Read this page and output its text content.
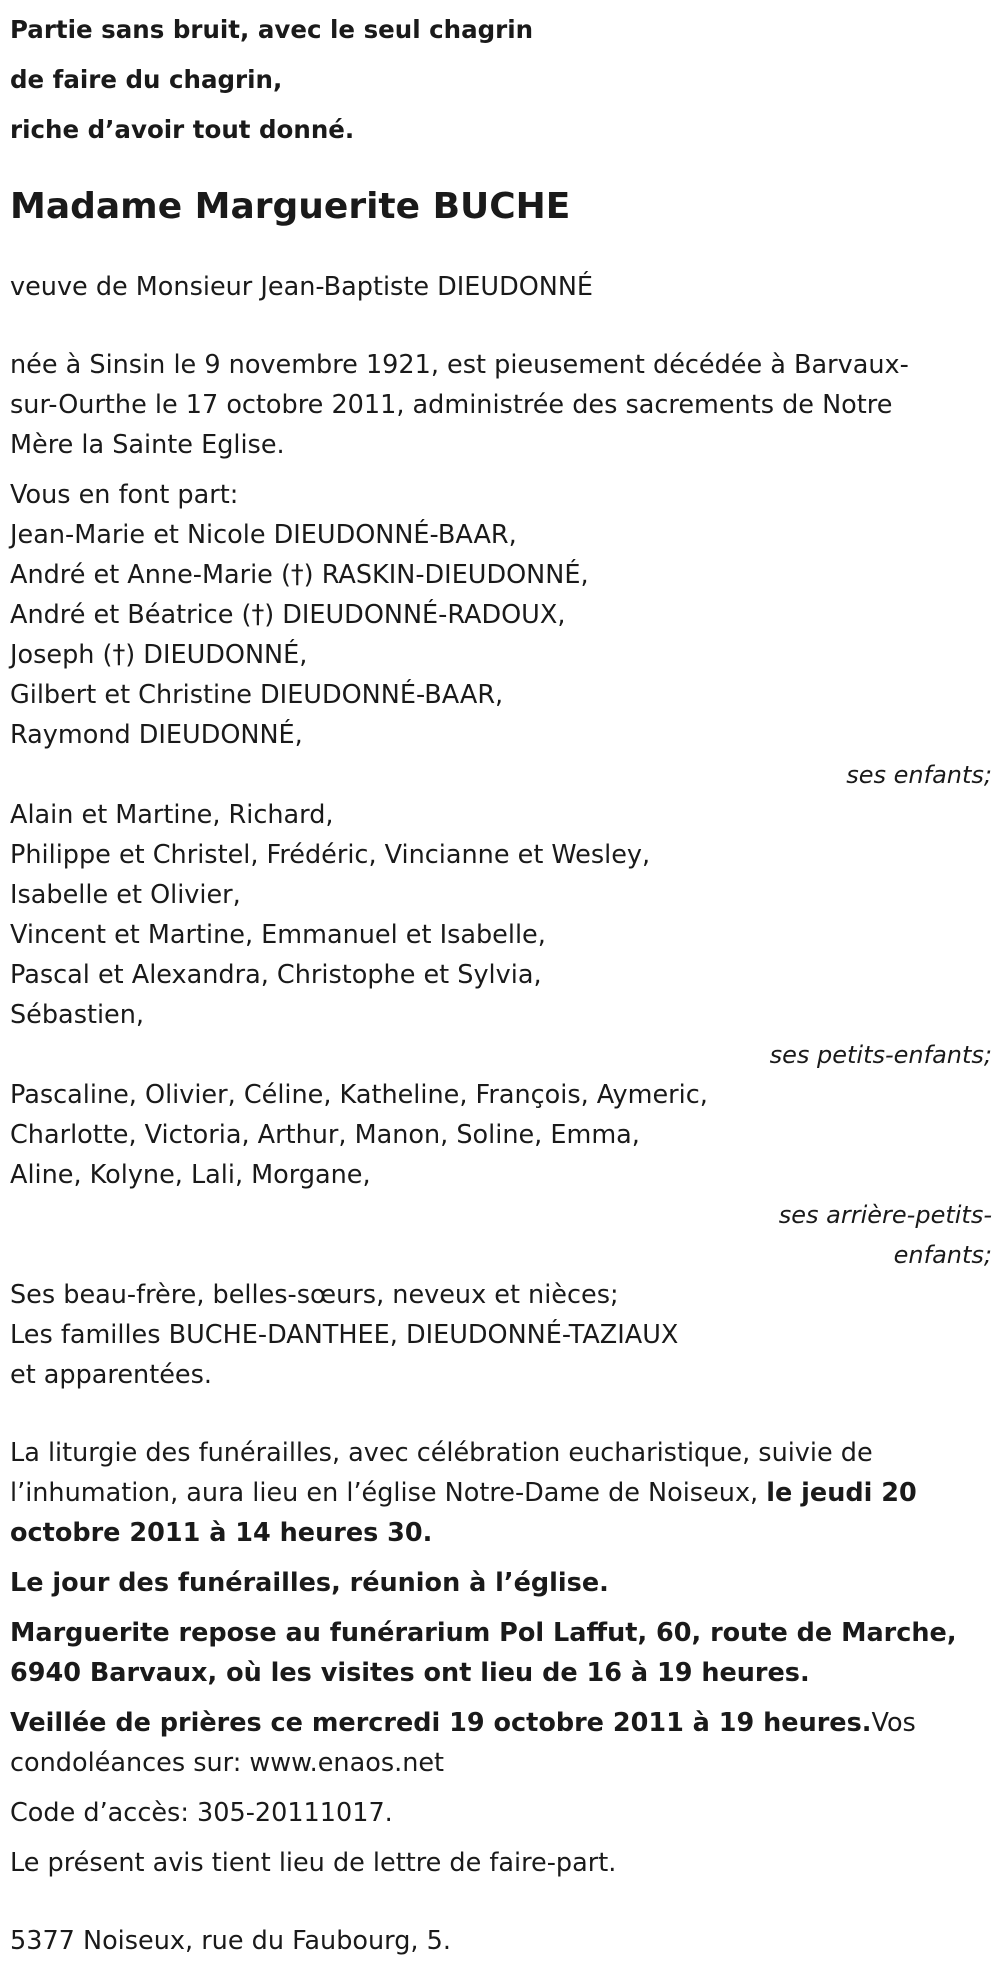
Partie sans bruit, avec le seul chagrin
de faire du chagrin,
riche d’avoir tout donné.
Madame Marguerite BUCHE

veuve de Monsieur Jean-Baptiste DIEUDONNÉ

née à Sinsin le 9 novembre 1921, est pieusement décédée à Barvaux-
sur-Ourthe le 17 octobre 2011, administrée des sacrements de Notre
Mère la Sainte Eglise.

Vous en font part:

Jean-Marie et Nicole DIEUDONNÉ-BAAR,
André et Anne-Marie (†) RASKIN-DIEUDONNÉ,
André et Béatrice (†) DIEUDONNÉ-RADOUX,
Joseph (†) DIEUDONNÉ,
Gilbert et Christine DIEUDONNÉ-BAAR,
Raymond DIEUDONNÉ,
ses enfants;
Alain et Martine, Richard,
Philippe et Christel, Frédéric, Vincianne et Wesley,
Isabelle et Olivier,
Vincent et Martine, Emmanuel et Isabelle,
Pascal et Alexandra, Christophe et Sylvia,
Sébastien,
ses petits-enfants;
Pascaline, Olivier, Céline, Katheline, François, Aymeric,
Charlotte, Victoria, Arthur, Manon, Soline, Emma,
Aline, Kolyne, Lali, Morgane,
ses arrière-petits-
enfants;
Ses beau-frère, belles-sœurs, neveux et nièces;
Les familles BUCHE-DANTHEE, DIEUDONNÉ-TAZIAUX
et apparentées.
La liturgie des funérailles, avec célébration eucharistique, suivie de
l’inhumation, aura lieu en l’église Notre-Dame de Noiseux, le jeudi 20
octobre 2011 à 14 heures 30.

Le jour des funérailles, réunion à l’église.

Marguerite repose au funérarium Pol Laffut, 60, route de Marche,
6940 Barvaux, où les visites ont lieu de 16 à 19 heures.
Veillée de prières ce mercredi 19 octobre 2011 à 19 heures.Vos
condoléances sur: www.enaos.net

Code d’accès: 305-20111017.

Le présent avis tient lieu de lettre de faire-part.

5377 Noiseux, rue du Faubourg, 5.
